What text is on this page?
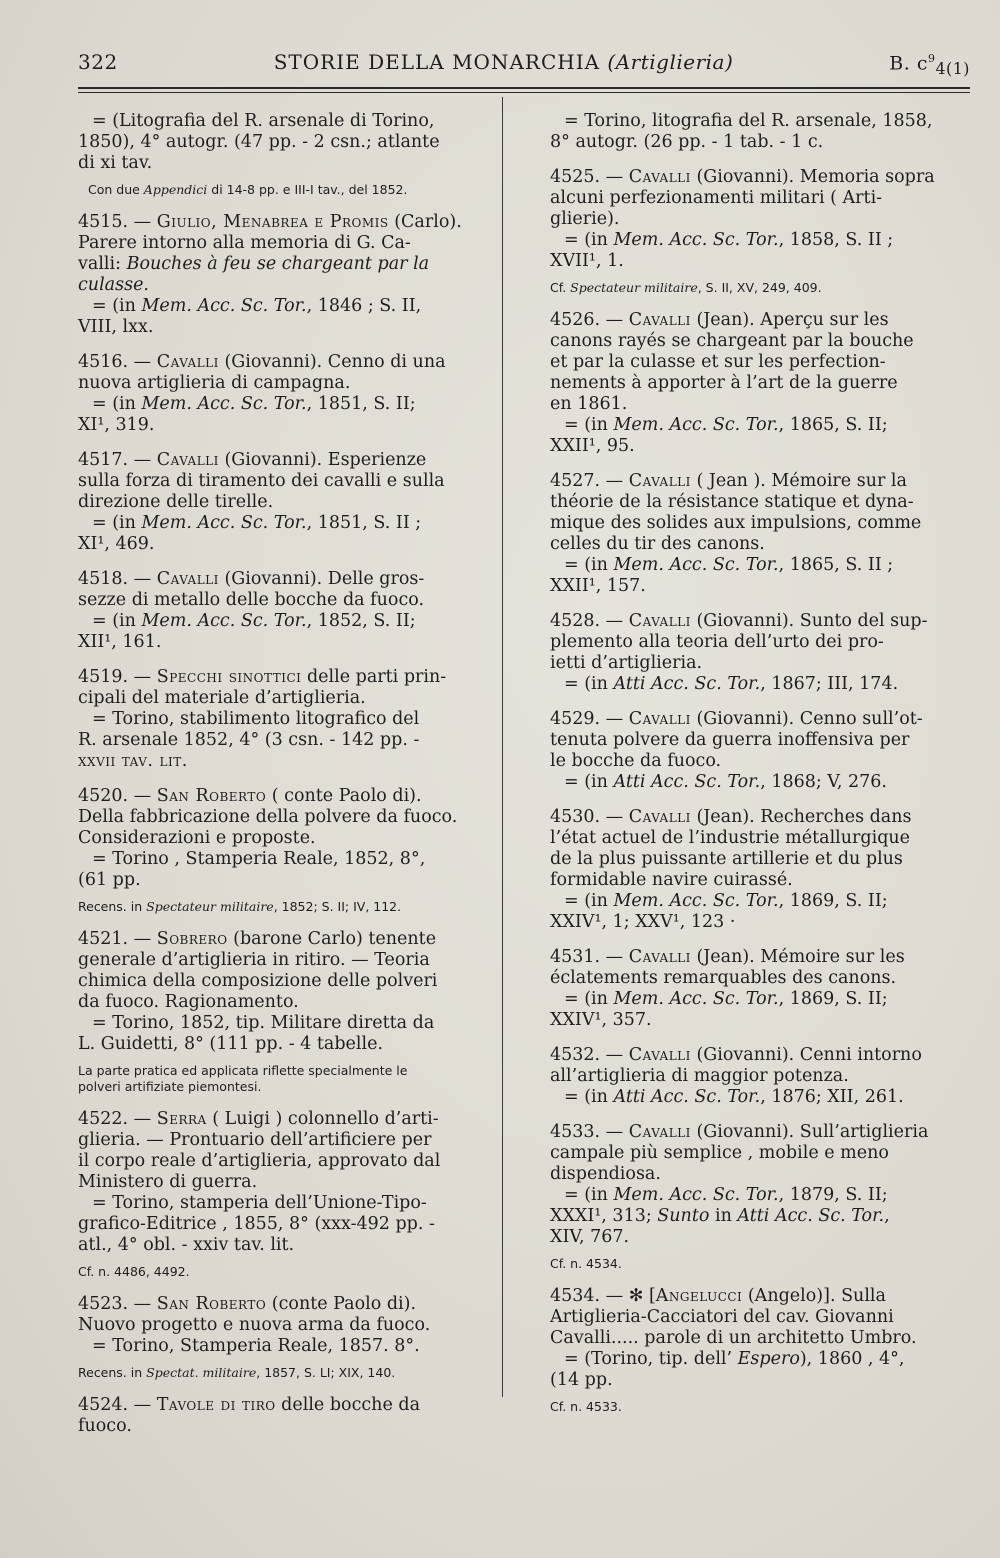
322	STORIE DELLA MONARCHIA (Artiglieria)	B. $c^9_{4(1)}$

= (Litografia del R. arsenale di Torino,

1850), 4° autogr. (47 pp. - 2 csn.; atlante

di xi tav.

Con due Appendici di 14-8 pp. e III-I tav., del 1852.

4515. — Giulio, Menabrea e Promis (Carlo).

Parere intorno alla memoria di G. Ca-

valli: Bouches à feu se chargeant par la

culasse.

= (in Mem. Acc. Sc. Tor., 1846 ; S. II,

VIII, lxx.

4516. — Cavalli (Giovanni). Cenno di una

nuova artiglieria di campagna.

= (in Mem. Acc. Sc. Tor., 1851, S. II;

XI¹, 319.

4517. — Cavalli (Giovanni). Esperienze

sulla forza di tiramento dei cavalli e sulla

direzione delle tirelle.

= (in Mem. Acc. Sc. Tor., 1851, S. II ;

XI¹, 469.

4518. — Cavalli (Giovanni). Delle gros-

sezze di metallo delle bocche da fuoco.

= (in Mem. Acc. Sc. Tor., 1852, S. II;

XII¹, 161.

4519. — Specchi sinottici delle parti prin-

cipali del materiale d’artiglieria.

= Torino, stabilimento litografico del

R. arsenale 1852, 4° (3 csn. - 142 pp. -

xxvii tav. lit.

4520. — San Roberto ( conte Paolo di).

Della fabbricazione della polvere da fuoco.

Considerazioni e proposte.

= Torino , Stamperia Reale, 1852, 8°,

(61 pp.

Recens. in Spectateur militaire, 1852; S. II; IV, 112.

4521. — Sobrero (barone Carlo) tenente

generale d’artiglieria in ritiro. — Teoria

chimica della composizione delle polveri

da fuoco. Ragionamento.

= Torino, 1852, tip. Militare diretta da

L. Guidetti, 8° (111 pp. - 4 tabelle.

La parte pratica ed applicata riflette specialmente le
polveri artifiziate piemontesi.

4522. — Serra ( Luigi ) colonnello d’arti-

glieria. — Prontuario dell’artificiere per

il corpo reale d’artiglieria, approvato dal

Ministero di guerra.

= Torino, stamperia dell’Unione-Tipo-

grafico-Editrice , 1855, 8° (xxx-492 pp. -

atl., 4° obl. - xxiv tav. lit.

Cf. n. 4486, 4492.

4523. — San Roberto (conte Paolo di).

Nuovo progetto e nuova arma da fuoco.

= Torino, Stamperia Reale, 1857. 8°.

Recens. in Spectat. militaire, 1857, S. LI; XIX, 140.

4524. — Tavole di tiro delle bocche da

fuoco.

= Torino, litografia del R. arsenale, 1858,

8° autogr. (26 pp. - 1 tab. - 1 c.

4525. — Cavalli (Giovanni). Memoria sopra

alcuni perfezionamenti militari ( Arti-

glierie).

= (in Mem. Acc. Sc. Tor., 1858, S. II ;

XVII¹, 1.

Cf. Spectateur militaire, S. II, XV, 249, 409.

4526. — Cavalli (Jean). Aperçu sur les

canons rayés se chargeant par la bouche

et par la culasse et sur les perfection-

nements à apporter à l’art de la guerre

en 1861.

= (in Mem. Acc. Sc. Tor., 1865, S. II;

XXII¹, 95.

4527. — Cavalli ( Jean ). Mémoire sur la

théorie de la résistance statique et dyna-

mique des solides aux impulsions, comme

celles du tir des canons.

= (in Mem. Acc. Sc. Tor., 1865, S. II ;

XXII¹, 157.

4528. — Cavalli (Giovanni). Sunto del sup-

plemento alla teoria dell’urto dei pro-

ietti d’artiglieria.

= (in Atti Acc. Sc. Tor., 1867; III, 174.

4529. — Cavalli (Giovanni). Cenno sull’ot-

tenuta polvere da guerra inoffensiva per

le bocche da fuoco.

= (in Atti Acc. Sc. Tor., 1868; V, 276.

4530. — Cavalli (Jean). Recherches dans

l’état actuel de l’industrie métallurgique

de la plus puissante artillerie et du plus

formidable navire cuirassé.

= (in Mem. Acc. Sc. Tor., 1869, S. II;

XXIV¹, 1; XXV¹, 123 ·

4531. — Cavalli (Jean). Mémoire sur les

éclatements remarquables des canons.

= (in Mem. Acc. Sc. Tor., 1869, S. II;

XXIV¹, 357.

4532. — Cavalli (Giovanni). Cenni intorno

all’artiglieria di maggior potenza.

= (in Atti Acc. Sc. Tor., 1876; XII, 261.

4533. — Cavalli (Giovanni). Sull’artiglieria

campale più semplice , mobile e meno

dispendiosa.

= (in Mem. Acc. Sc. Tor., 1879, S. II;

XXXI¹, 313; Sunto in Atti Acc. Sc. Tor.,

XIV, 767.

Cf. n. 4534.

4534. — ✻ [Angelucci (Angelo)]. Sulla

Artiglieria-Cacciatori del cav. Giovanni

Cavalli..... parole di un architetto Umbro.

= (Torino, tip. dell’ Espero), 1860 , 4°,

(14 pp.

Cf. n. 4533.
